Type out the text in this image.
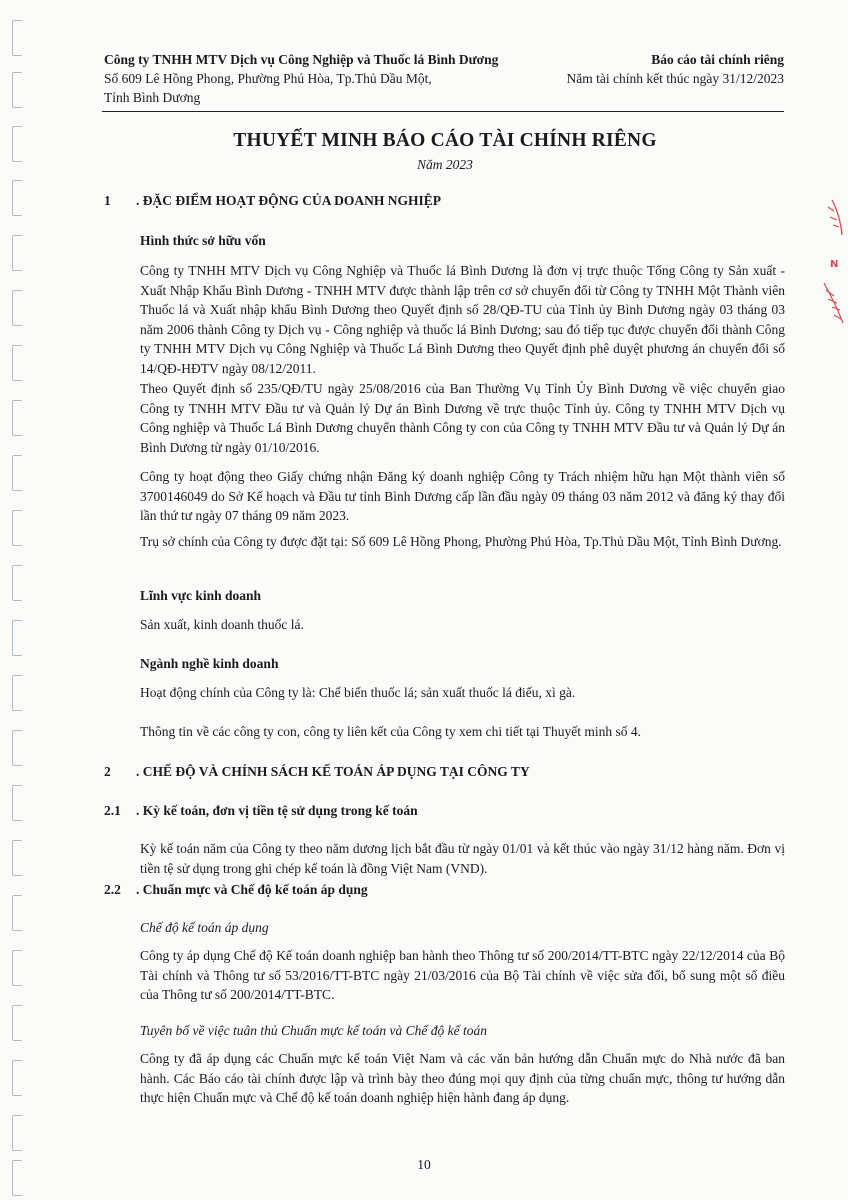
N
Công ty TNHH MTV Dịch vụ Công Nghiệp và Thuốc lá Bình Dương
Số 609 Lê Hồng Phong, Phường Phú Hòa, Tp.Thủ Dầu Một,
Tỉnh Bình Dương
Báo cáo tài chính riêng
Năm tài chính kết thúc ngày 31/12/2023
THUYẾT MINH BÁO CÁO TÀI CHÍNH RIÊNG
Năm 2023
1 . ĐẶC ĐIỂM HOẠT ĐỘNG CỦA DOANH NGHIỆP
Hình thức sở hữu vốn
Công ty TNHH MTV Dịch vụ Công Nghiệp và Thuốc lá Bình Dương là đơn vị trực thuộc Tổng Công ty Sản xuất - Xuất Nhập Khẩu Bình Dương - TNHH MTV được thành lập trên cơ sở chuyển đổi từ Công ty TNHH Một Thành viên Thuốc lá và Xuất nhập khẩu Bình Dương theo Quyết định số 28/QĐ-TU của Tỉnh ủy Bình Dương ngày 03 tháng 03 năm 2006 thành Công ty Dịch vụ - Công nghiệp và thuốc lá Bình Dương; sau đó tiếp tục được chuyển đổi thành Công ty TNHH MTV Dịch vụ Công Nghiệp và Thuốc Lá Bình Dương theo Quyết định phê duyệt phương án chuyển đổi số 14/QĐ-HĐTV ngày 08/12/2011.
Theo Quyết định số 235/QĐ/TU ngày 25/08/2016 của Ban Thường Vụ Tỉnh Ủy Bình Dương về việc chuyển giao Công ty TNHH MTV Đầu tư và Quản lý Dự án Bình Dương về trực thuộc Tỉnh ủy. Công ty TNHH MTV Dịch vụ Công nghiệp và Thuốc Lá Bình Dương chuyển thành Công ty con của Công ty TNHH MTV Đầu tư và Quản lý Dự án Bình Dương từ ngày 01/10/2016.
Công ty hoạt động theo Giấy chứng nhận Đăng ký doanh nghiệp Công ty Trách nhiệm hữu hạn Một thành viên số 3700146049 do Sở Kế hoạch và Đầu tư tỉnh Bình Dương cấp lần đầu ngày 09 tháng 03 năm 2012 và đăng ký thay đổi lần thứ tư ngày 07 tháng 09 năm 2023.
Trụ sở chính của Công ty được đặt tại: Số 609 Lê Hồng Phong, Phường Phú Hòa, Tp.Thủ Dầu Một, Tỉnh Bình Dương.
Lĩnh vực kinh doanh
Sản xuất, kinh doanh thuốc lá.
Ngành nghề kinh doanh
Hoạt động chính của Công ty là: Chế biến thuốc lá; sản xuất thuốc lá điếu, xì gà.
Thông tin về các công ty con, công ty liên kết của Công ty xem chi tiết tại Thuyết minh số 4.
2 . CHẾ ĐỘ VÀ CHÍNH SÁCH KẾ TOÁN ÁP DỤNG TẠI CÔNG TY
2.1 . Kỳ kế toán, đơn vị tiền tệ sử dụng trong kế toán
Kỳ kế toán năm của Công ty theo năm dương lịch bắt đầu từ ngày 01/01 và kết thúc vào ngày 31/12 hàng năm. Đơn vị tiền tệ sử dụng trong ghi chép kế toán là đồng Việt Nam (VND).
2.2 . Chuẩn mực và Chế độ kế toán áp dụng
Chế độ kế toán áp dụng
Công ty áp dụng Chế độ Kế toán doanh nghiệp ban hành theo Thông tư số 200/2014/TT-BTC ngày 22/12/2014 của Bộ Tài chính và Thông tư số 53/2016/TT-BTC ngày 21/03/2016 của Bộ Tài chính về việc sửa đổi, bổ sung một số điều của Thông tư số 200/2014/TT-BTC.
Tuyên bố về việc tuân thủ Chuẩn mực kế toán và Chế độ kế toán
Công ty đã áp dụng các Chuẩn mực kế toán Việt Nam và các văn bản hướng dẫn Chuẩn mực do Nhà nước đã ban hành. Các Báo cáo tài chính được lập và trình bày theo đúng mọi quy định của từng chuẩn mực, thông tư hướng dẫn thực hiện Chuẩn mực và Chế độ kế toán doanh nghiệp hiện hành đang áp dụng.
10
